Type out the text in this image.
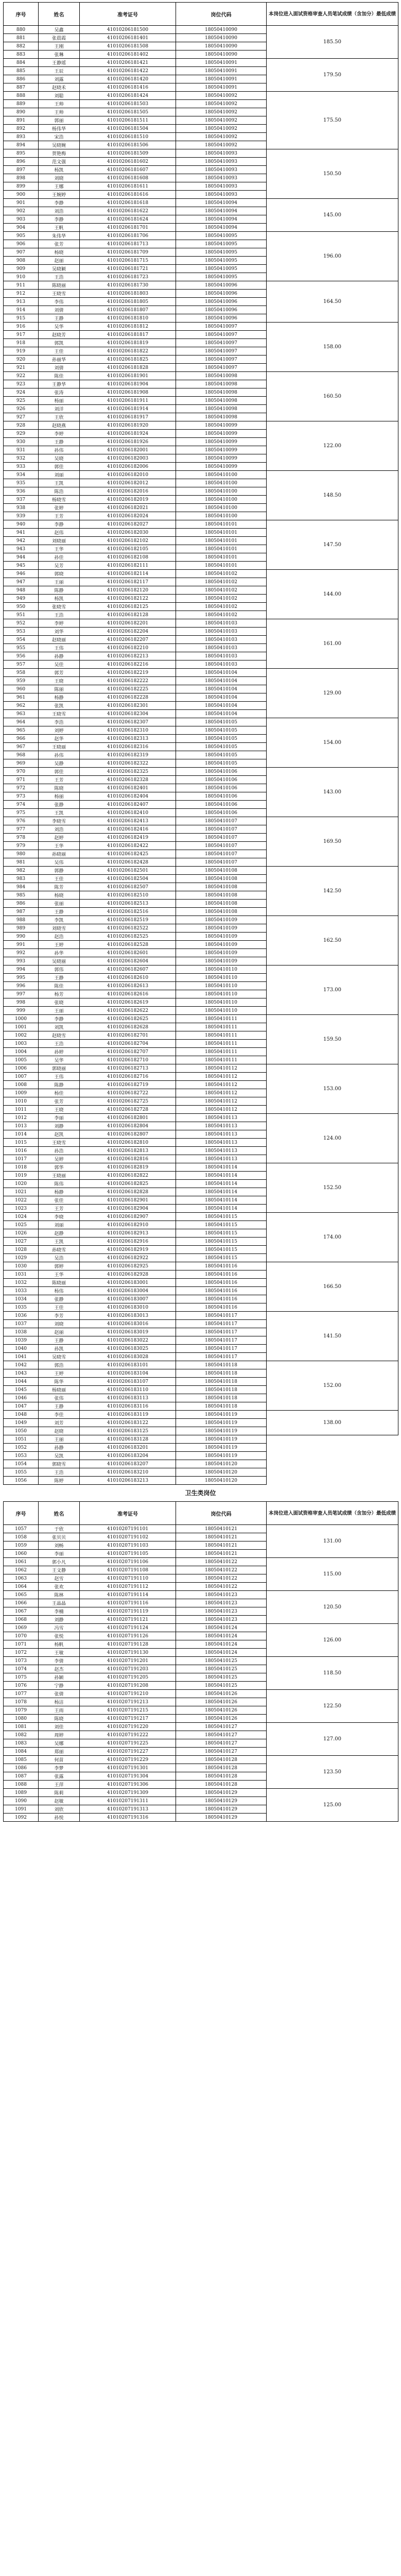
序号	姓名	准考证号	岗位代码	本岗位进入面试资格审查人员笔试成绩（含加分）最低成绩
880	吴鑫	41010206181500	18050410090	185.50
881	张晨霞	41010206181401	18050410090	
882	王刚	41010206181508	18050410090	
883	张琳	41010206181402	18050410090	
884	王静瑶	41010206181421	18050410091	179.50
885	王辰	41010206181422	18050410091	
886	刘露	41010206181420	18050410091	
887	赵晓禾	41010206181416	18050410091	
888	刘聪	41010206181424	18050410092	175.50
889	王帅	41010206181503	18050410092	
890	王帅	41010206181505	18050410092	
891	郭丽	41010206181511	18050410092	
892	杨伟华	41010206181504	18050410092	
893	宋浩	41010206181510	18050410092	
894	吴晓婉	41010206181506	18050410092	
895	贺艳梅	41010206181509	18050410093	150.50
896	范文强	41010206181602	18050410093	
897	杨凯	41010206181607	18050410093	
898	刘晓	41010206181608	18050410093	
899	王娜	41010206181611	18050410093	
900	王婉婷	41010206181616	18050410093	
901	李静	41010206181618	18050410094	145.00
902	刘浩	41010206181622	18050410094	
903	李静	41010206181624	18050410094	
904	王帆	41010206181701	18050410094	
905	朱伟华	41010206181706	18050410095	196.00
906	张芳	41010206181713	18050410095	
907	杨晓	41010206181709	18050410095	
908	赵丽	41010206181715	18050410095	
909	吴晓颖	41010206181721	18050410095	
910	王浩	41010206181723	18050410095	
911	陈晓丽	41010206181730	18050410096	164.50
912	王晓雪	41010206181803	18050410096	
913	李伟	41010206181805	18050410096	
914	刘倩	41010206181807	18050410096	
915	王静	41010206181810	18050410096	
916	吴华	41010206181812	18050410097	158.00
917	赵晓芳	41010206181817	18050410097	
918	郭凯	41010206181819	18050410097	
919	王佳	41010206181822	18050410097	
920	孙丽华	41010206181825	18050410097	
921	刘倩	41010206181828	18050410097	
922	陈佳	41010206181901	18050410098	160.50
923	王静华	41010206181904	18050410098	
924	张涛	41010206181908	18050410098	
925	杨丽	41010206181911	18050410098	
926	刘洋	41010206181914	18050410098	
927	王欣	41010206181917	18050410098	
928	赵晓燕	41010206181920	18050410099	122.00
929	李婷	41010206181924	18050410099	
930	王静	41010206181926	18050410099	
931	孙伟	41010206182001	18050410099	
932	吴晓	41010206182003	18050410099	
933	郭佳	41010206182006	18050410099	
934	刘丽	41010206182010	18050410100	148.50
935	王凯	41010206182012	18050410100	
936	陈浩	41010206182016	18050410100	
937	杨晓雪	41010206182019	18050410100	
938	张婷	41010206182021	18050410100	
939	王芳	41010206182024	18050410100	
940	李静	41010206182027	18050410101	147.50
941	赵伟	41010206182030	18050410101	
942	刘晓丽	41010206182102	18050410101	
943	王华	41010206182105	18050410101	
944	孙佳	41010206182108	18050410101	
945	吴芳	41010206182111	18050410101	
946	郭晓	41010206182114	18050410102	144.00
947	王丽	41010206182117	18050410102	
948	陈静	41010206182120	18050410102	
949	杨凯	41010206182122	18050410102	
950	张晓雪	41010206182125	18050410102	
951	王浩	41010206182128	18050410102	
952	李婷	41010206182201	18050410103	161.00
953	刘华	41010206182204	18050410103	
954	赵晓丽	41010206182207	18050410103	
955	王伟	41010206182210	18050410103	
956	孙静	41010206182213	18050410103	
957	吴佳	41010206182216	18050410103	
958	郭芳	41010206182219	18050410104	129.00
959	王晓	41010206182222	18050410104	
960	陈丽	41010206182225	18050410104	
961	杨静	41010206182228	18050410104	
962	张凯	41010206182301	18050410104	
963	王晓雪	41010206182304	18050410104	
964	李浩	41010206182307	18050410105	154.00
965	刘婷	41010206182310	18050410105	
966	赵华	41010206182313	18050410105	
967	王晓丽	41010206182316	18050410105	
968	孙伟	41010206182319	18050410105	
969	吴静	41010206182322	18050410105	
970	郭佳	41010206182325	18050410106	143.00
971	王芳	41010206182328	18050410106	
972	陈晓	41010206182401	18050410106	
973	杨丽	41010206182404	18050410106	
974	张静	41010206182407	18050410106	
975	王凯	41010206182410	18050410106	
976	李晓雪	41010206182413	18050410107	169.50
977	刘浩	41010206182416	18050410107	
978	赵婷	41010206182419	18050410107	
979	王华	41010206182422	18050410107	
980	孙晓丽	41010206182425	18050410107	
981	吴伟	41010206182428	18050410107	
982	郭静	41010206182501	18050410108	142.50
983	王佳	41010206182504	18050410108	
984	陈芳	41010206182507	18050410108	
985	杨晓	41010206182510	18050410108	
986	张丽	41010206182513	18050410108	
987	王静	41010206182516	18050410108	
988	李凯	41010206182519	18050410109	162.50
989	刘晓雪	41010206182522	18050410109	
990	赵浩	41010206182525	18050410109	
991	王婷	41010206182528	18050410109	
992	孙华	41010206182601	18050410109	
993	吴晓丽	41010206182604	18050410109	
994	郭伟	41010206182607	18050410110	173.00
995	王静	41010206182610	18050410110	
996	陈佳	41010206182613	18050410110	
997	杨芳	41010206182616	18050410110	
998	张晓	41010206182619	18050410110	
999	王丽	41010206182622	18050410110	
1000	李静	41010206182625	18050410111	159.50
1001	刘凯	41010206182628	18050410111	
1002	赵晓雪	41010206182701	18050410111	
1003	王浩	41010206182704	18050410111	
1004	孙婷	41010206182707	18050410111	
1005	吴华	41010206182710	18050410111	
1006	郭晓丽	41010206182713	18050410112	153.00
1007	王伟	41010206182716	18050410112	
1008	陈静	41010206182719	18050410112	
1009	杨佳	41010206182722	18050410112	
1010	张芳	41010206182725	18050410112	
1011	王晓	41010206182728	18050410112	
1012	李丽	41010206182801	18050410113	124.00
1013	刘静	41010206182804	18050410113	
1014	赵凯	41010206182807	18050410113	
1015	王晓雪	41010206182810	18050410113	
1016	孙浩	41010206182813	18050410113	
1017	吴婷	41010206182816	18050410113	
1018	郭华	41010206182819	18050410114	152.50
1019	王晓丽	41010206182822	18050410114	
1020	陈伟	41010206182825	18050410114	
1021	杨静	41010206182828	18050410114	
1022	张佳	41010206182901	18050410114	
1023	王芳	41010206182904	18050410114	
1024	李晓	41010206182907	18050410115	174.00
1025	刘丽	41010206182910	18050410115	
1026	赵静	41010206182913	18050410115	
1027	王凯	41010206182916	18050410115	
1028	孙晓雪	41010206182919	18050410115	
1029	吴浩	41010206182922	18050410115	
1030	郭婷	41010206182925	18050410116	166.50
1031	王华	41010206182928	18050410116	
1032	陈晓丽	41010206183001	18050410116	
1033	杨伟	41010206183004	18050410116	
1034	张静	41010206183007	18050410116	
1035	王佳	41010206183010	18050410116	
1036	李芳	41010206183013	18050410117	141.50
1037	刘晓	41010206183016	18050410117	
1038	赵丽	41010206183019	18050410117	
1039	王静	41010206183022	18050410117	
1040	孙凯	41010206183025	18050410117	
1041	吴晓雪	41010206183028	18050410117	
1042	郭浩	41010206183101	18050410118	152.00
1043	王婷	41010206183104	18050410118	
1044	陈华	41010206183107	18050410118	
1045	杨晓丽	41010206183110	18050410118	
1046	张伟	41010206183113	18050410118	
1047	王静	41010206183116	18050410118	
1048	李佳	41010206183119	18050410119	138.00
1049	刘芳	41010206183122	18050410119	
1050	赵晓	41010206183125	18050410119	
1051	王丽	41010206183128	18050410119	
1052	孙静	41010206183201	18050410119	
1053	吴凯	41010206183204	18050410119	
1054	郭晓雪	41010206183207	18050410120	
1055	王浩	41010206183210	18050410120	
1056	陈婷	41010206183213	18050410120	
卫生类岗位
序号	姓名	准考证号	岗位代码	本岗位进入面试资格审查人员笔试成绩（含加分）最低成绩
1057	于欣	41010207191101	18050410121	131.00
1058	张贝贝	41010207191102	18050410121	
1059	刘畅	41010207191103	18050410121	
1060	李丽	41010207191105	18050410121	
1061	郭小凡	41010207191106	18050410122	115.00
1062	王文静	41010207191108	18050410122	
1063	赵雪	41010207191110	18050410122	
1064	张欢	41010207191112	18050410122	
1065	陈林	41010207191114	18050410123	120.50
1066	王晶晶	41010207191116	18050410123	
1067	李楠	41010207191119	18050410123	
1068	刘静	41010207191121	18050410123	
1069	冯雪	41010207191124	18050410124	126.00
1070	张悦	41010207191126	18050410124	
1071	杨帆	41010207191128	18050410124	
1072	王敏	41010207191130	18050410124	
1073	李倩	41010207191201	18050410125	118.50
1074	赵杰	41010207191203	18050410125	
1075	孙颖	41010207191205	18050410125	
1076	宁静	41010207191208	18050410125	
1077	张倩	41010207191210	18050410126	122.50
1078	杨洁	41010207191213	18050410126	
1079	王雨	41010207191215	18050410126	
1080	陈晓	41010207191217	18050410126	
1081	刘佳	41010207191220	18050410127	127.00
1082	周婷	41010207191222	18050410127	
1083	吴娜	41010207191225	18050410127	
1084	郑丽	41010207191227	18050410127	
1085	何苗	41010207191229	18050410128	123.50
1086	李梦	41010207191301	18050410128	
1087	张露	41010207191304	18050410128	
1088	王萍	41010207191306	18050410128	
1089	陈莉	41010207191309	18050410129	125.00
1090	赵敏	41010207191311	18050410129	
1091	刘欣	41010207191313	18050410129	
1092	孙悦	41010207191316	18050410129	
